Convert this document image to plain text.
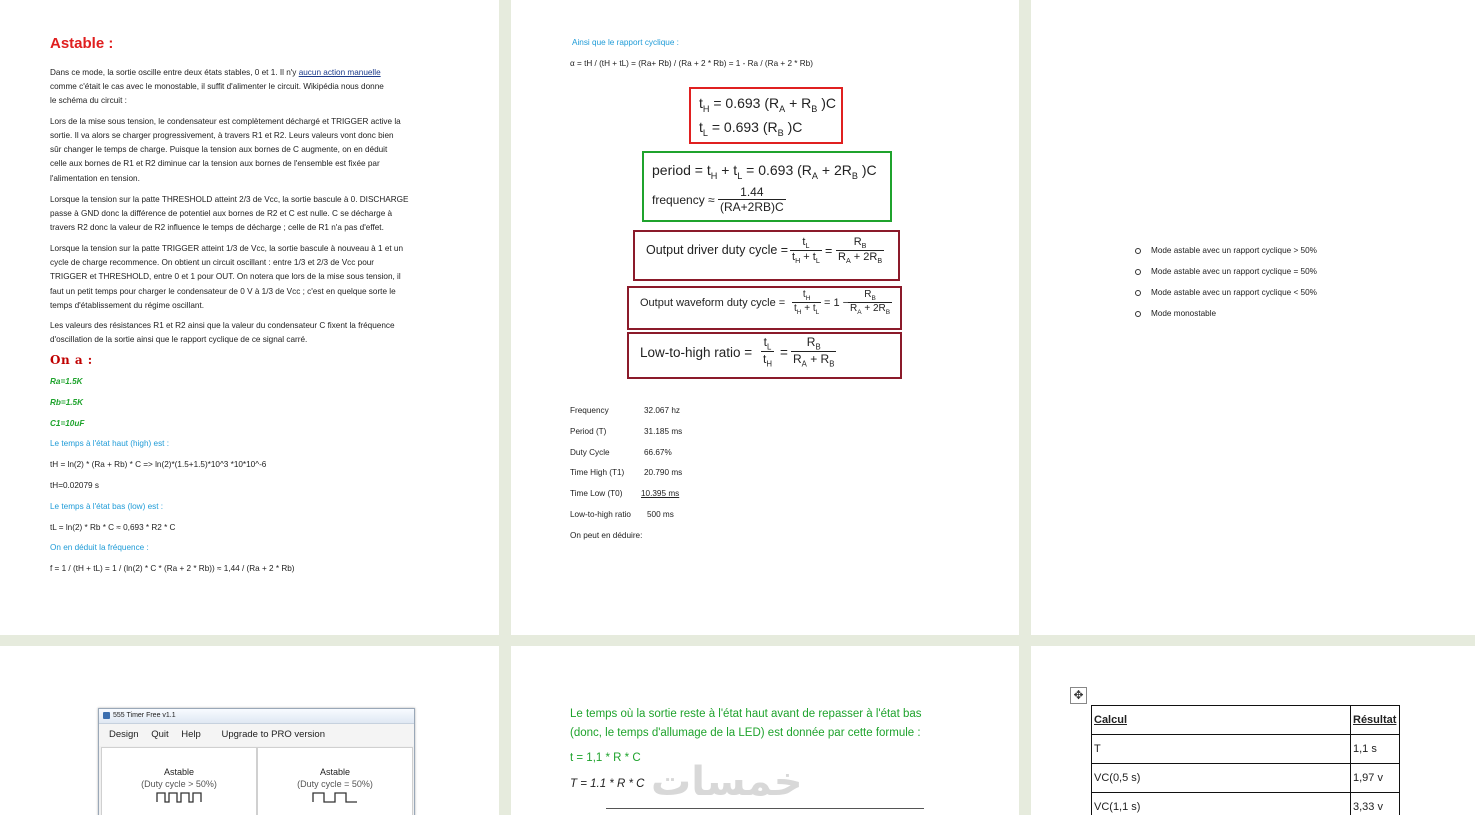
Astable :
Dans ce mode, la sortie oscille entre deux états stables, 0 et 1. Il n'y aucun action manuelle
comme c'était le cas avec le monostable, il suffit d'alimenter le circuit. Wikipédia nous donne
le schéma du circuit :
Lors de la mise sous tension, le condensateur est complètement déchargé et TRIGGER active la
sortie. Il va alors se charger progressivement, à travers R1 et R2. Leurs valeurs vont donc bien
sûr changer le temps de charge. Puisque la tension aux bornes de C augmente, on en déduit
celle aux bornes de R1 et R2 diminue car la tension aux bornes de l'ensemble est fixée par
l'alimentation en tension.
Lorsque la tension sur la patte THRESHOLD atteint 2/3 de Vcc, la sortie bascule à 0. DISCHARGE
passe à GND donc la différence de potentiel aux bornes de R2 et C est nulle. C se décharge à
travers R2 donc la valeur de R2 influence le temps de décharge ; celle de R1 n'a pas d'effet.
Lorsque la tension sur la patte TRIGGER atteint 1/3 de Vcc, la sortie bascule à nouveau à 1 et un
cycle de charge recommence. On obtient un circuit oscillant : entre 1/3 et 2/3 de Vcc pour
TRIGGER et THRESHOLD, entre 0 et 1 pour OUT. On notera que lors de la mise sous tension, il
faut un petit temps pour charger le condensateur de 0 V à 1/3 de Vcc ; c'est en quelque sorte le
temps d'établissement du régime oscillant.
Les valeurs des résistances R1 et R2 ainsi que la valeur du condensateur C fixent la fréquence
d'oscillation de la sortie ainsi que le rapport cyclique de ce signal carré.
On a :
Ra=1.5K
Rb=1.5K
C1=10uF
Le temps à l'état haut (high) est :
tH = ln(2) * (Ra + Rb) * C => ln(2)*(1.5+1.5)*10^3 *10*10^-6
tH=0.02079 s
Le temps à l'état bas (low) est :
tL = ln(2) * Rb * C ≈ 0,693 * R2 * C
On en déduit la fréquence :
f = 1 / (tH + tL) = 1 / (ln(2) * C * (Ra + 2 * Rb)) ≈ 1,44 / (Ra + 2 * Rb)
Ainsi que le rapport cyclique :
α = tH / (tH + tL) = (Ra+ Rb) / (Ra + 2 * Rb) = 1 - Ra / (Ra + 2 * Rb)
$t_H = 0.693$ ($R_A + R_B$ )C
$t_L = 0.693$ ($R_B$ )C
period = $t_H + t_L = 0.693$ ($R_A + 2R_B$ )C
frequency ≈ $\frac{1.44}{(RA+2RB)C}$
Output driver duty cycle = $\frac{t_L}{t_H + t_L} = \frac{R_B}{R_A + 2R_B}$
Output waveform duty cycle = $\frac{t_H}{t_H + t_L} = 1$ −
$\frac{R_B}{R_A + 2R_B}$
Low-to-high ratio = $\frac{t_L}{t_H} = \frac{R_B}{R_A + R_B}$
Frequency	32.067 hz
Period (T)	31.185 ms
Duty Cycle	66.67%
Time High (T1) 20.790 ms
Time Low (T0) 10.395 ms
Low-to-high ratio 500 ms
On peut en déduire:
Mode astable avec un rapport cyclique > 50%
Mode astable avec un rapport cyclique = 50%
Mode astable avec un rapport cyclique < 50%
Mode monostable
555 Timer Free v1.1
Design Quit Help Upgrade to PRO version
Astable
(Duty cycle > 50%)
Astable
(Duty cycle = 50%)
Le temps où la sortie reste à l'état haut avant de repasser à l'état bas
(donc, le temps d'allumage de la LED) est donnée par cette formule :
t = 1,1 * R * C
T = 1.1 * R * C خمسات
✥
Calcul	Résultat
T	1,1 s
VC(0,5 s)	1,97 v
VC(1,1 s)	3,33 v
